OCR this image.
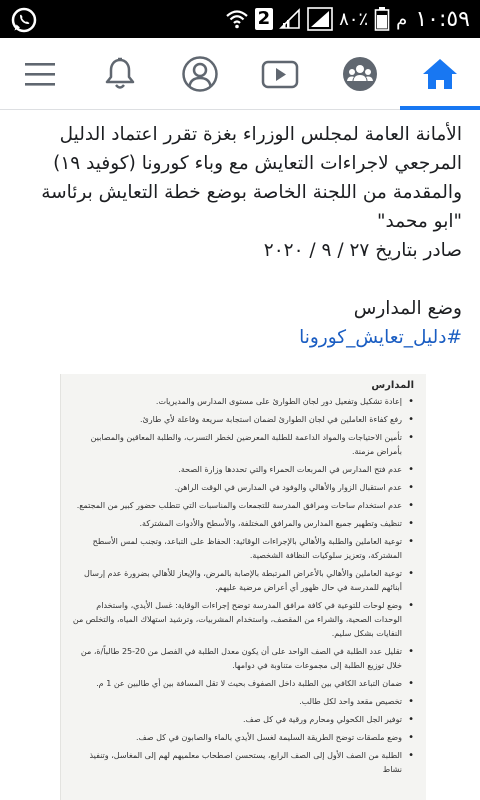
2	٨٠٪ م ١٠:٥٩

الأمانة العامة لمجلس الوزراء بغزة تقرر اعتماد الدليل المرجعي لاجراءات التعايش مع وباء كورونا (كوفيد ١٩) والمقدمة من اللجنة الخاصة بوضع خطة التعايش برئاسة "ابو محمد"

صادر بتاريخ ٢٧ / ٩ / ٢٠٢٠

وضع المدارس

#دليل_تعايش_كورونا

المدارس
• إعادة تشكيل وتفعيل دور لجان الطوارئ على مستوى المدارس والمديريات.
• رفع كفاءة العاملين في لجان الطوارئ لضمان استجابة سريعة وفاعلة لأي طارئ.
• تأمين الاحتياجات والمواد الداعمة للطلبة المعرضين لخطر التسرب، والطلبة المعاقين والمصابين بأمراض مزمنة.
• عدم فتح المدارس في المربعات الحمراء والتي تحددها وزارة الصحة.
• عدم استقبال الزوار والأهالي والوفود في المدارس في الوقت الراهن.
• عدم استخدام ساحات ومرافق المدرسة للتجمعات والمناسبات التي تتطلب حضور كبير من المجتمع.
• تنظيف وتطهير جميع المدارس والمرافق المختلفة، والأسطح والأدوات المشتركة.
• توعية العاملين والطلبة والأهالي بالإجراءات الوقائية: الحفاظ على التباعد، وتجنب لمس الأسطح المشتركة، وتعزيز سلوكيات النظافة الشخصية.
• توعية العاملين والأهالي بالأعراض المرتبطة بالإصابة بالمرض، والإيعاز للأهالي بضرورة عدم إرسال أبنائهم للمدرسة في حال ظهور أي أعراض مرضية عليهم.
• وضع لوحات للتوعية في كافة مرافق المدرسة توضح إجراءات الوقاية: غسل الأيدي، واستخدام الوحدات الصحية، والشراء من المقصف، واستخدام المشربيات، وترشيد استهلاك المياه، والتخلص من النفايات بشكل سليم.
• تقليل عدد الطلبة في الصف الواحد على أن يكون معدل الطلبة في الفصل من 20-25 طالباً/ة، من خلال توزيع الطلبة إلى مجموعات متناوبة في دوامها.
• ضمان التباعد الكافي بين الطلبة داخل الصفوف بحيث لا تقل المسافة بين أي طالبين عن 1 م.
• تخصيص مقعد واحد لكل طالب.
• توفير الجل الكحولي ومحارم ورقية في كل صف.
• وضع ملصقات توضح الطريقة السليمة لغسل الأيدي بالماء والصابون في كل صف.
• الطلبة من الصف الأول إلى الصف الرابع، يستحسن اصطحاب معلميهم لهم إلى المغاسل، وتنفيذ نشاط
